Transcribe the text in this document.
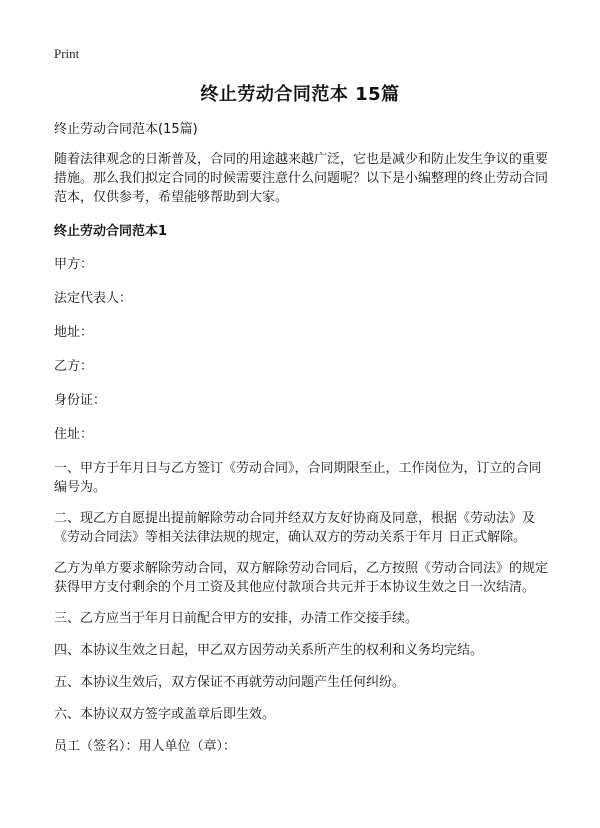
Print
终止劳动合同范本 15篇
终止劳动合同范本(15篇)
随着法律观念的日渐普及，合同的用途越来越广泛，它也是减少和防止发生争议的重要措施。那么我们拟定合同的时候需要注意什么问题呢？以下是小编整理的终止劳动合同范本，仅供参考，希望能够帮助到大家。
终止劳动合同范本1
甲方：
法定代表人：
地址：
乙方：
身份证：
住址：
一、甲方于年月日与乙方签订《劳动合同》，合同期限至止，工作岗位为，订立的合同编号为。
二、现乙方自愿提出提前解除劳动合同并经双方友好协商及同意，根据《劳动法》及《劳动合同法》等相关法律法规的规定，确认双方的劳动关系于年月 日正式解除。
乙方为单方要求解除劳动合同，双方解除劳动合同后，乙方按照《劳动合同法》的规定获得甲方支付剩余的个月工资及其他应付款项合共元并于本协议生效之日一次结清。
三、乙方应当于年月日前配合甲方的安排，办清工作交接手续。
四、本协议生效之日起，甲乙双方因劳动关系所产生的权利和义务均完结。
五、本协议生效后，双方保证不再就劳动问题产生任何纠纷。
六、本协议双方签字或盖章后即生效。
员工（签名）：用人单位（章）：
